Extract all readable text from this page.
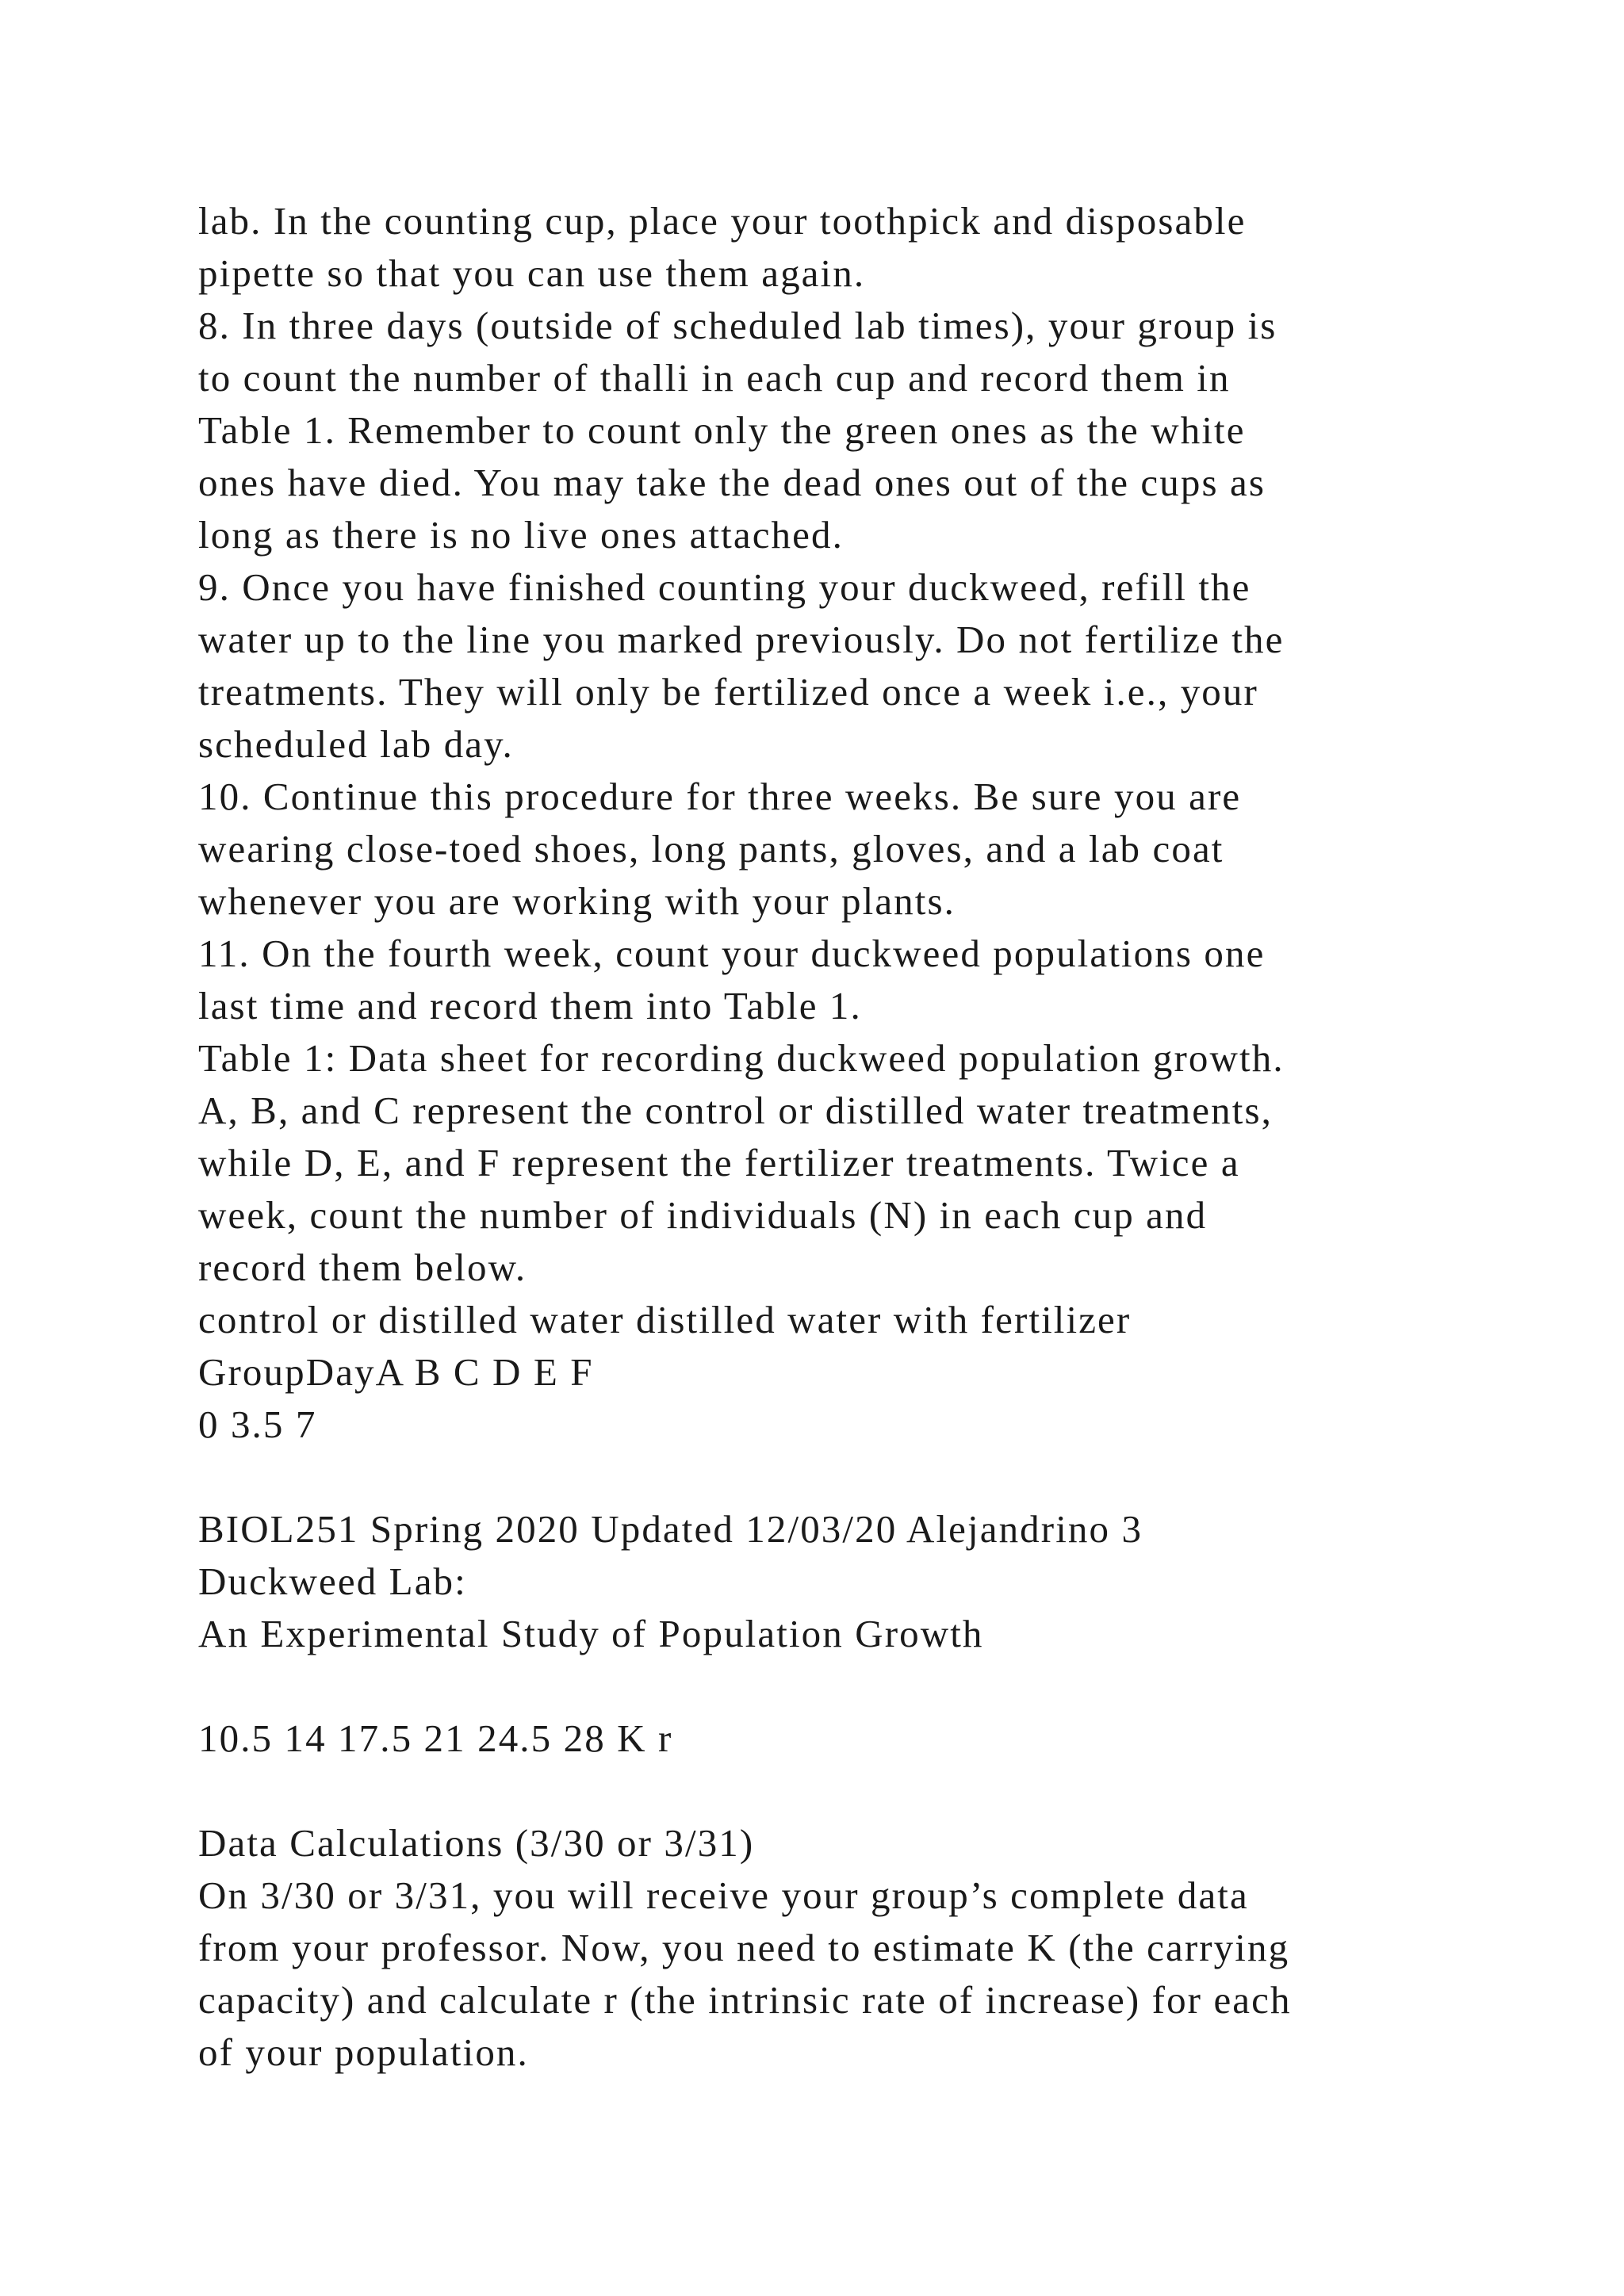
lab. In the counting cup, place your toothpick and disposable
pipette so that you can use them again.
8. In three days (outside of scheduled lab times), your group is
to count the number of thalli in each cup and record them in
Table 1. Remember to count only the green ones as the white
ones have died. You may take the dead ones out of the cups as
long as there is no live ones attached.
9. Once you have finished counting your duckweed, refill the
water up to the line you marked previously. Do not fertilize the
treatments. They will only be fertilized once a week i.e., your
scheduled lab day.
10. Continue this procedure for three weeks. Be sure you are
wearing close-toed shoes, long pants, gloves, and a lab coat
whenever you are working with your plants.
11. On the fourth week, count your duckweed populations one
last time and record them into Table 1.
Table 1: Data sheet for recording duckweed population growth.
A, B, and C represent the control or distilled water treatments,
while D, E, and F represent the fertilizer treatments. Twice a
week, count the number of individuals (N) in each cup and
record them below.
control or distilled water distilled water with fertilizer
GroupDayA B C D E F
0 3.5 7
BIOL251 Spring 2020 Updated 12/03/20 Alejandrino 3
Duckweed Lab:
An Experimental Study of Population Growth
10.5 14 17.5 21 24.5 28 K r
Data Calculations (3/30 or 3/31)
On 3/30 or 3/31, you will receive your group’s complete data
from your professor. Now, you need to estimate K (the carrying
capacity) and calculate r (the intrinsic rate of increase) for each
of your population.
